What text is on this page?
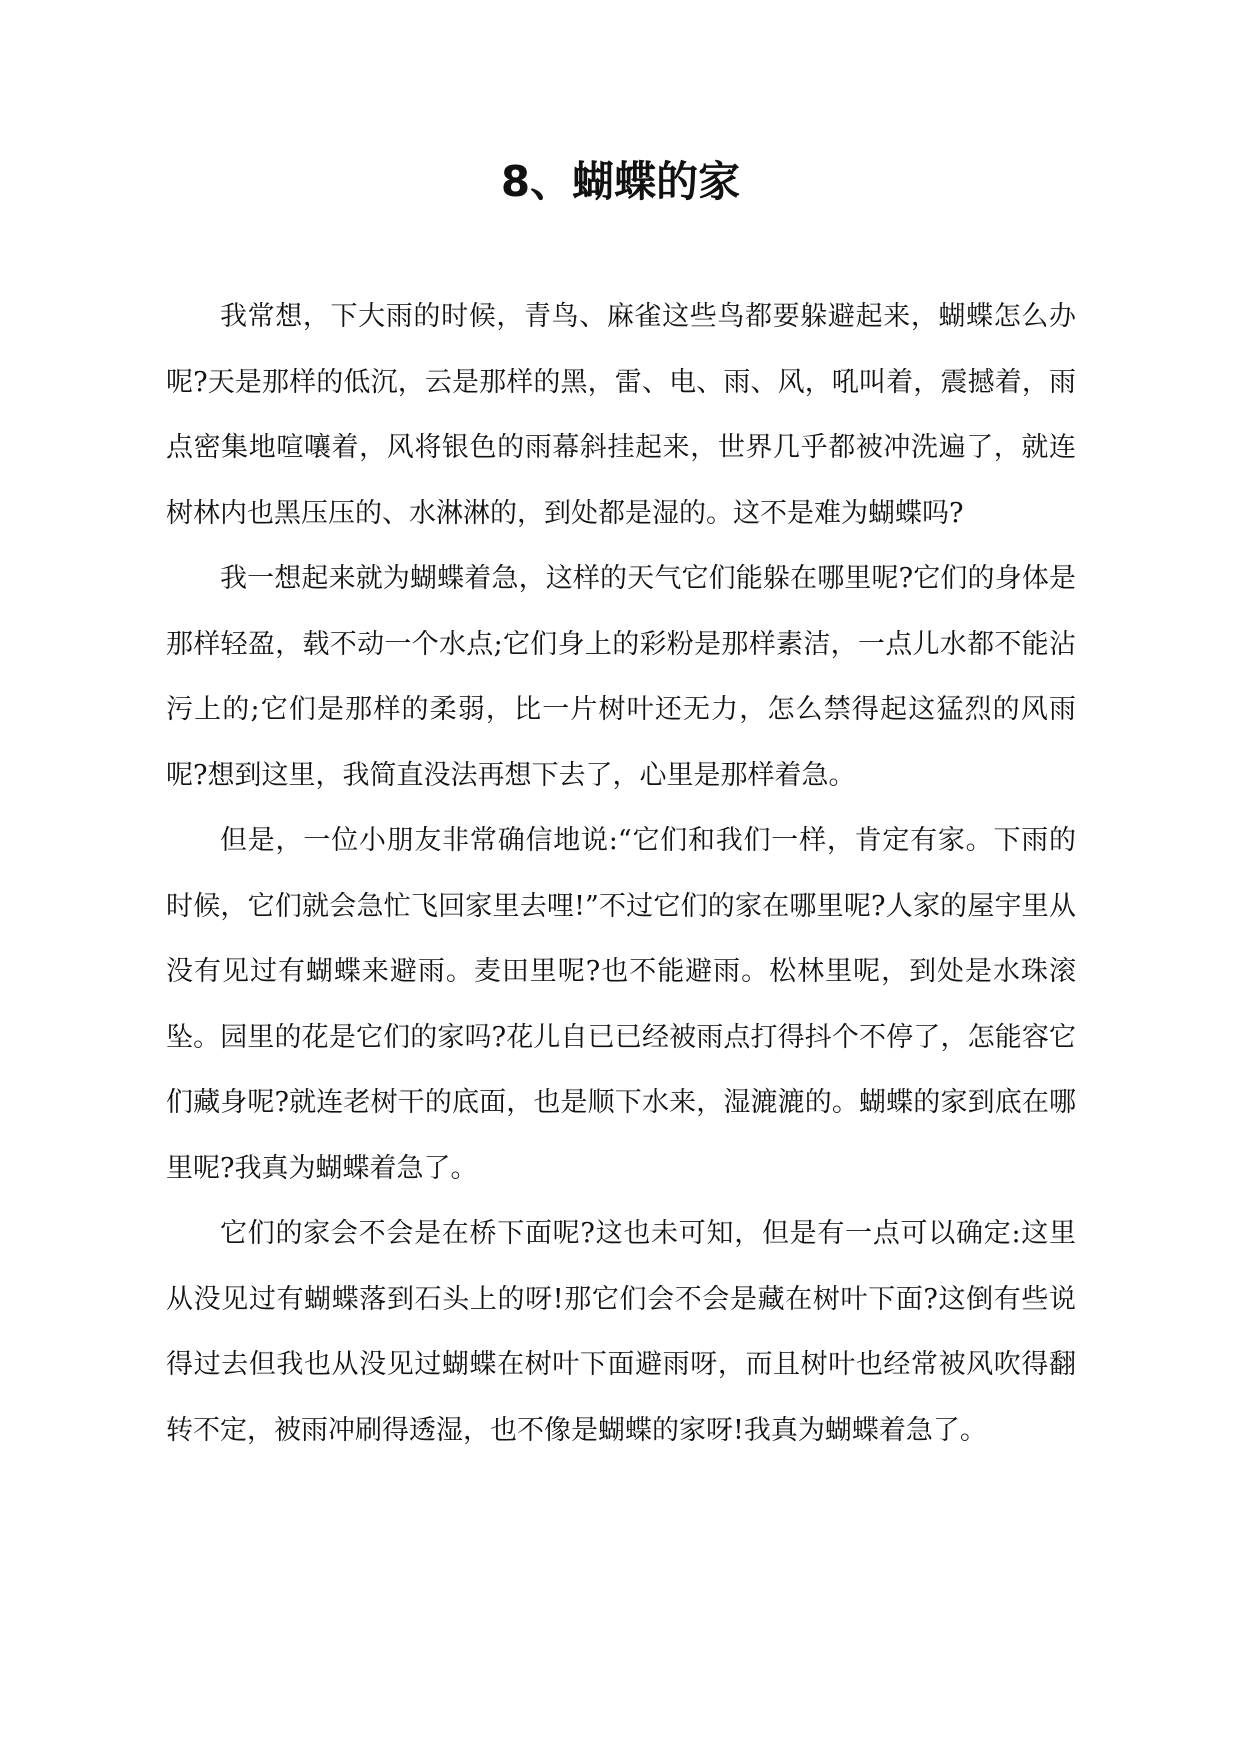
8、蝴蝶的家

我常想，下大雨的时候，青鸟、麻雀这些鸟都要躲避起来，蝴蝶怎么办呢?天是那样的低沉，云是那样的黑，雷、电、雨、风，吼叫着，震撼着，雨点密集地喧嚷着，风将银色的雨幕斜挂起来，世界几乎都被冲洗遍了，就连树林内也黑压压的、水淋淋的，到处都是湿的。这不是难为蝴蝶吗?

我一想起来就为蝴蝶着急，这样的天气它们能躲在哪里呢?它们的身体是那样轻盈，载不动一个水点;它们身上的彩粉是那样素洁，一点儿水都不能沾污上的;它们是那样的柔弱，比一片树叶还无力，怎么禁得起这猛烈的风雨呢?想到这里，我简直没法再想下去了，心里是那样着急。

但是，一位小朋友非常确信地说:“它们和我们一样，肯定有家。下雨的时候，它们就会急忙飞回家里去哩!”不过它们的家在哪里呢?人家的屋宇里从没有见过有蝴蝶来避雨。麦田里呢?也不能避雨。松林里呢，到处是水珠滚坠。园里的花是它们的家吗?花儿自已已经被雨点打得抖个不停了，怎能容它们藏身呢?就连老树干的底面，也是顺下水来，湿漉漉的。蝴蝶的家到底在哪里呢?我真为蝴蝶着急了。

它们的家会不会是在桥下面呢?这也未可知，但是有一点可以确定:这里从没见过有蝴蝶落到石头上的呀!那它们会不会是藏在树叶下面?这倒有些说得过去但我也从没见过蝴蝶在树叶下面避雨呀，而且树叶也经常被风吹得翻转不定，被雨冲刷得透湿，也不像是蝴蝶的家呀!我真为蝴蝶着急了。
